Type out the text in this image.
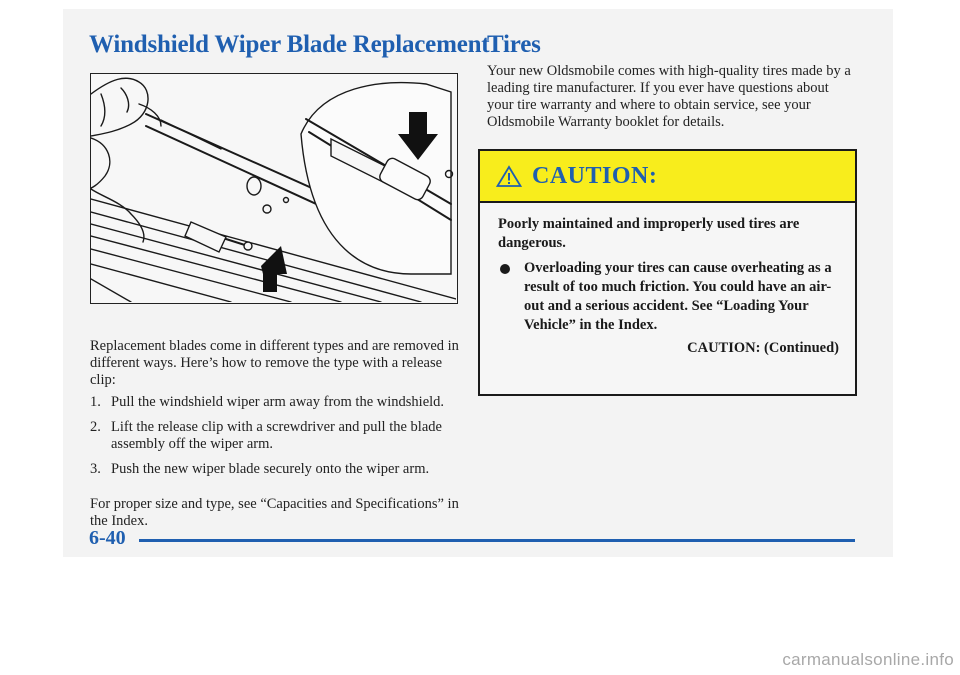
Windshield Wiper Blade Replacement
Tires

Replacement blades come in different types and are removed in different ways. Here’s how to remove the type with a release clip:

1. Pull the windshield wiper arm away from the windshield.
2. Lift the release clip with a screwdriver and pull the blade assembly off the wiper arm.
3. Push the new wiper blade securely onto the wiper arm.

For proper size and type, see “Capacities and Specifications” in the Index.

Your new Oldsmobile comes with high-quality tires made by a leading tire manufacturer. If you ever have questions about your tire warranty and where to obtain service, see your Oldsmobile Warranty booklet for details.

CAUTION:

Poorly maintained and improperly used tires are dangerous.

Overloading your tires can cause overheating as a result of too much friction. You could have an air-out and a serious accident. See “Loading Your Vehicle” in the Index.
CAUTION: (Continued)
6-40
carmanualsonline.info
